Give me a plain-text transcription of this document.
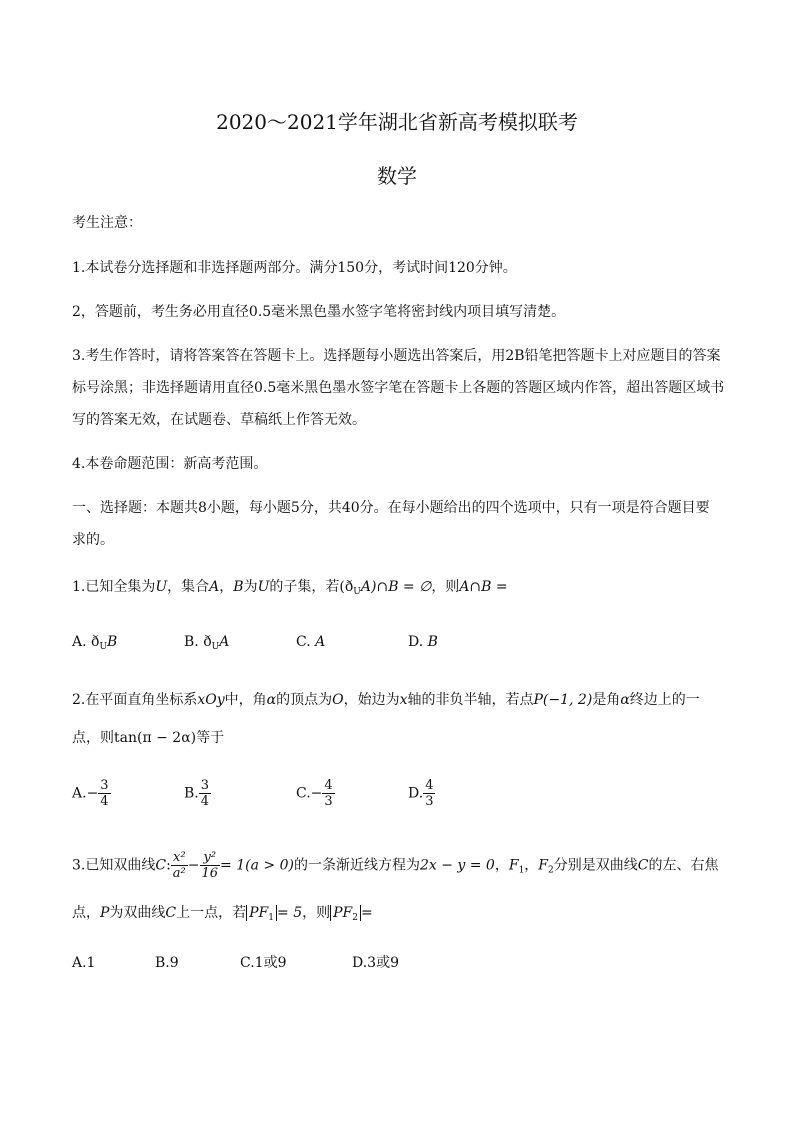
2020～2021学年湖北省新高考模拟联考
数学
考生注意：
1.本试卷分选择题和非选择题两部分。满分150分，考试时间120分钟。
2，答题前，考生务必用直径0.5毫米黑色墨水签字笔将密封线内项目填写清楚。
3.考生作答时，请将答案答在答题卡上。选择题每小题选出答案后，用2B铅笔把答题卡上对应题目的答案
标号涂黑；非选择题请用直径0.5毫米黑色墨水签字笔在答题卡上各题的答题区域内作答，超出答题区域书
写的答案无效，在试题卷、草稿纸上作答无效。
4.本卷命题范围：新高考范围。
一、选择题：本题共8小题，每小题5分，共40分。在每小题给出的四个选项中，只有一项是符合题目要
求的。
1.已知全集为U，集合A，B为U的子集，若$(ð_UA)\cap B$ = ∅，则A∩B =
A. $ð_UB$	B. $ð_UA$	C. A	D. B
2.在平面直角坐标系xOy中，角α的顶点为O，始边为x轴的非负半轴，若点P(−1, 2)是角α终边上的一
点，则tan(π − 2α)等于
$A.- \frac{3}{4}$	B. $\frac{3}{4}$	$C.- \frac{4}{3}$	D. $\frac{4}{3}$
3.已知双曲线C: $\frac{\text{x²}}{\text{a²}} - \frac{\text{y²}}{16} = 1(a > 0)$的一条渐近线方程为2x − y = 0，$F_1$，$F_2$分别是双曲线C的左、右焦
点，P为双曲线C上一点，若 $PF_1 = 5$，则 $PF_2$ =
A.1	B.9	C.1或9	D.3或9
